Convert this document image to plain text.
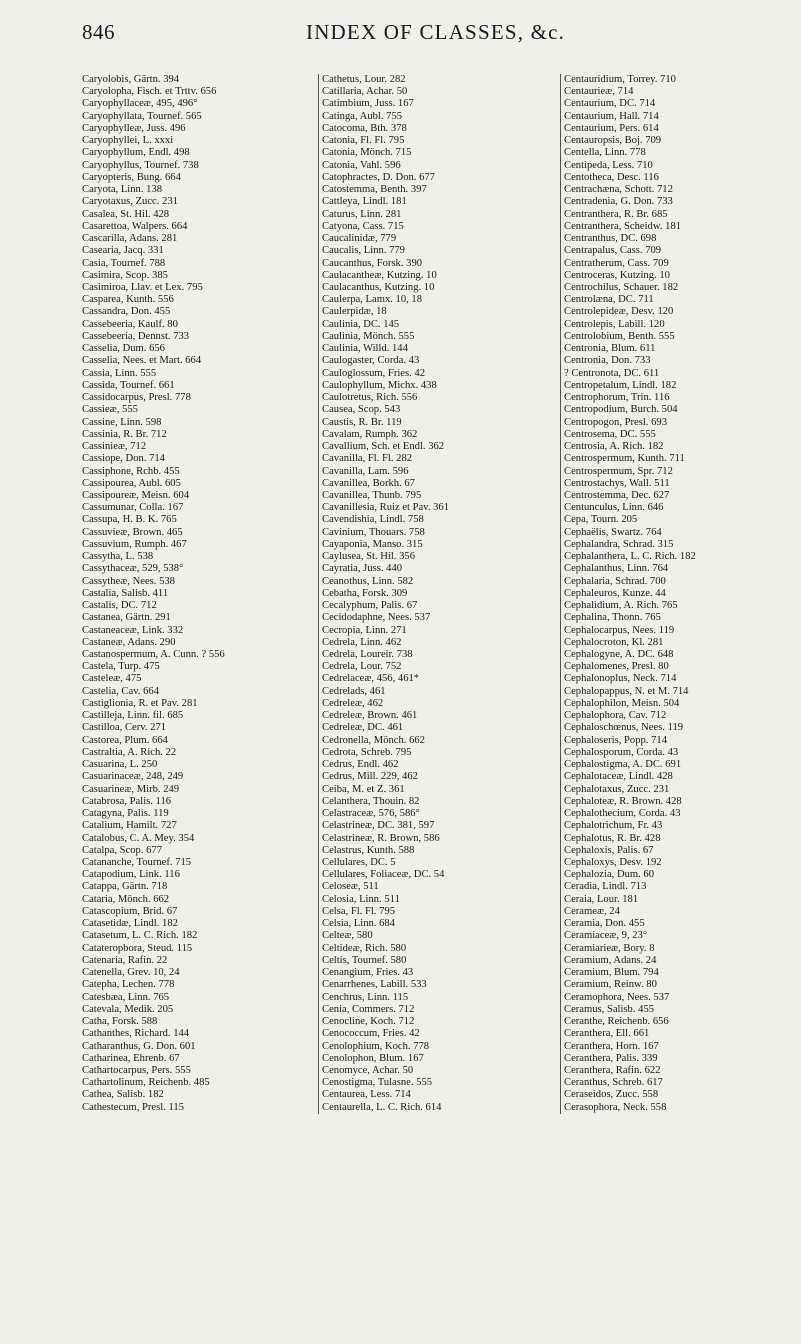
846	INDEX OF CLASSES, &c.
Caryolobis, Gärtn. 394
Caryolopha, Fisch. et Trttv. 656
Caryophyllaceæ, 495, 496°
Caryophyllata, Tournef. 565
Caryophylleæ, Juss. 496
Caryophyllei, L. xxxi
Caryophyllum, Endl. 498
Caryophyllus, Tournef. 738
Caryopteris, Bung. 664
Caryota, Linn. 138
Caryotaxus, Zucc. 231
Casalea, St. Hil. 428
Casarettoa, Walpers. 664
Cascarilla, Adans. 281
Casearia, Jacq. 331
Casia, Tournef. 788
Casimira, Scop. 385
Casimiroa, Llav. et Lex. 795
Casparea, Kunth. 556
Cassandra, Don. 455
Cassebeeria, Kaulf. 80
Cassebeeria, Dennst. 733
Casselia, Dum. 656
Casselia, Nees. et Mart. 664
Cassia, Linn. 555
Cassida, Tournef. 661
Cassidocarpus, Presl. 778
Cassieæ, 555
Cassine, Linn. 598
Cassinia, R. Br. 712
Cassinieæ, 712
Cassiope, Don. 714
Cassiphone, Rchb. 455
Cassipourea, Aubl. 605
Cassipoureæ, Meisn. 604
Cassumunar, Colla. 167
Cassupa, H. B. K. 765
Cassuvieæ, Brown. 465
Cassuvium, Rumph. 467
Cassytha, L. 538
Cassythaceæ, 529, 538°
Cassytheæ, Nees. 538
Castalia, Salisb. 411
Castalis, DC. 712
Castanea, Gärtn. 291
Castaneaceæ, Link. 332
Castaneæ, Adans. 290
Castanospermum, A. Cunn. ? 556
Castela, Turp. 475
Casteleæ, 475
Castelia, Cav. 664
Castiglionia, R. et Pav. 281
Castilleja, Linn. fil. 685
Castilloa, Cerv. 271
Castorea, Plum. 664
Castraltia, A. Rich. 22
Casuarina, L. 250
Casuarinaceæ, 248, 249
Casuarineæ, Mirb. 249
Catabrosa, Palis. 116
Catagyna, Palis. 119
Catalium, Hamilt. 727
Catalobus, C. A. Mey. 354
Catalpa, Scop. 677
Catananche, Tournef. 715
Catapodium, Link. 116
Catappa, Gärtn. 718
Cataria, Mönch. 662
Catascopium, Brid. 67
Catasetidæ, Lindl. 182
Catasetum, L. C. Rich. 182
Catateropbora, Steud. 115
Catenaria, Rafin. 22
Catenella, Grev. 10, 24
Catepha, Lechen. 778
Catesbæa, Linn. 765
Catevala, Medik. 205
Catha, Forsk. 588
Cathanthes, Richard. 144
Catharanthus, G. Don. 601
Catharinea, Ehrenb. 67
Cathartocarpus, Pers. 555
Cathartolinum, Reichenb. 485
Cathea, Salisb. 182
Cathestecum, Presl. 115
Cathetus, Lour. 282
Catillaria, Achar. 50
Catimbium, Juss. 167
Catinga, Aubl. 755
Catocoma, Bth. 378
Catonia, Fl. Fl. 795
Catonia, Mönch. 715
Catonia, Vahl. 596
Catophractes, D. Don. 677
Catostemma, Benth. 397
Cattleya, Lindl. 181
Caturus, Linn. 281
Catyona, Cass. 715
Caucalinidæ, 779
Caucalis, Linn. 779
Caucanthus, Forsk. 390
Caulacantheæ, Kutzing. 10
Caulacanthus, Kutzing. 10
Caulerpa, Lamx. 10, 18
Caulerpidæ, 18
Caulinia, DC. 145
Caulinia, Mönch. 555
Caulinia, Willd. 144
Caulogaster, Corda. 43
Cauloglossum, Fries. 42
Caulophyllum, Michx. 438
Caulotretus, Rich. 556
Causea, Scop. 543
Caustis, R. Br. 119
Cavalam, Rumph. 362
Cavallium, Sch. et Endl. 362
Cavanilla, Fl. Fl. 282
Cavanilla, Lam. 596
Cavanillea, Borkh. 67
Cavanillea, Thunb. 795
Cavanillesia, Ruiz et Pav. 361
Cavendishia, Lindl. 758
Cavinium, Thouars. 758
Cayaponia, Manso. 315
Caylusea, St. Hil. 356
Cayratia, Juss. 440
Ceanothus, Linn. 582
Cebatha, Forsk. 309
Cecalyphum, Palis. 67
Cecidodaphne, Nees. 537
Cecropia, Linn. 271
Cedrela, Linn. 462
Cedrela, Loureir. 738
Cedrela, Lour. 752
Cedrelaceæ, 456, 461*
Cedrelads, 461
Cedreleæ, 462
Cedreleæ, Brown. 461
Cedreleæ, DC. 461
Cedronella, Mönch. 662
Cedrota, Schreb. 795
Cedrus, Endl. 462
Cedrus, Mill. 229, 462
Ceiba, M. et Z. 361
Celanthera, Thouin. 82
Celastraceæ, 576, 586°
Celastrineæ, DC. 381, 597
Celastrineæ, R. Brown, 586
Celastrus, Kunth. 588
Cellulares, DC. 5
Cellulares, Foliaceæ, DC. 54
Celoseæ, 511
Celosia, Linn. 511
Celsa, Fl. Fl. 795
Celsia, Linn. 684
Celteæ, 580
Celtideæ, Rich. 580
Celtis, Tournef. 580
Cenangium, Fries. 43
Cenarrhenes, Labill. 533
Cenchrus, Linn. 115
Cenia, Commers. 712
Cenocline, Koch. 712
Cenococcum, Fries. 42
Cenolophium, Koch. 778
Cenolophon, Blum. 167
Cenomyce, Achar. 50
Cenostigma, Tulasne. 555
Centaurea, Less. 714
Centaurella, L. C. Rich. 614
Centauridium, Torrey. 710
Centaurieæ, 714
Centaurium, DC. 714
Centaurium, Hall. 714
Centaurium, Pers. 614
Centauropsis, Boj. 709
Centella, Linn. 778
Centipeda, Less. 710
Centotheca, Desc. 116
Centrachæna, Schott. 712
Centradenia, G. Don. 733
Centranthera, R. Br. 685
Centranthera, Scheidw. 181
Centranthus, DC. 698
Centrapalus, Cass. 709
Centratherum, Cass. 709
Centroceras, Kutzing. 10
Centrochilus, Schauer. 182
Centrolæna, DC. 711
Centrolepideæ, Desv. 120
Centrolepis, Labill. 120
Centrolobium, Benth. 555
Centronia, Blum. 611
Centronia, Don. 733
? Centronota, DC. 611
Centropetalum, Lindl. 182
Centrophorum, Trin. 116
Centropodium, Burch. 504
Centropogon, Presl. 693
Centrosema, DC. 555
Centrosia, A. Rich. 182
Centrospermum, Kunth. 711
Centrospermum, Spr. 712
Centrostachys, Wall. 511
Centrostemma, Dec. 627
Centunculus, Linn. 646
Cepa, Tourn. 205
Cephaëlis, Swartz. 764
Cephalandra, Schrad. 315
Cephalanthera, L. C. Rich. 182
Cephalanthus, Linn. 764
Cephalaria, Schrad. 700
Cephaleuros, Kunze. 44
Cephalidium, A. Rich. 765
Cephalina, Thonn. 765
Cephalocarpus, Nees. 119
Cephalocroton, Kl. 281
Cephalogyne, A. DC. 648
Cephalomenes, Presl. 80
Cephalonoplus, Neck. 714
Cephalopappus, N. et M. 714
Cephalophilon, Meisn. 504
Cephalophora, Cav. 712
Cephaloschœnus, Nees. 119
Cephaloseris, Popp. 714
Cephalosporum, Corda. 43
Cephalostigma, A. DC. 691
Cephalotaceæ, Lindl. 428
Cephalotaxus, Zucc. 231
Cephaloteæ, R. Brown. 428
Cephalothecium, Corda. 43
Cephalotrichum, Fr. 43
Cephalotus, R. Br. 428
Cephaloxis, Palis. 67
Cephaloxys, Desv. 192
Cephalozia, Dum. 60
Ceradia, Lindl. 713
Ceraia, Lour. 181
Cerameæ, 24
Ceramia, Don. 455
Ceramiaceæ, 9, 23°
Ceramiarieæ, Bory. 8
Ceramium, Adans. 24
Ceramium, Blum. 794
Ceramium, Reinw. 80
Ceramophora, Nees. 537
Ceramus, Salisb. 455
Ceranthe, Reichenb. 656
Ceranthera, Ell. 661
Ceranthera, Horn. 167
Ceranthera, Palis. 339
Ceranthera, Rafin. 622
Ceranthus, Schreb. 617
Ceraseidos, Zucc. 558
Cerasophora, Neck. 558
